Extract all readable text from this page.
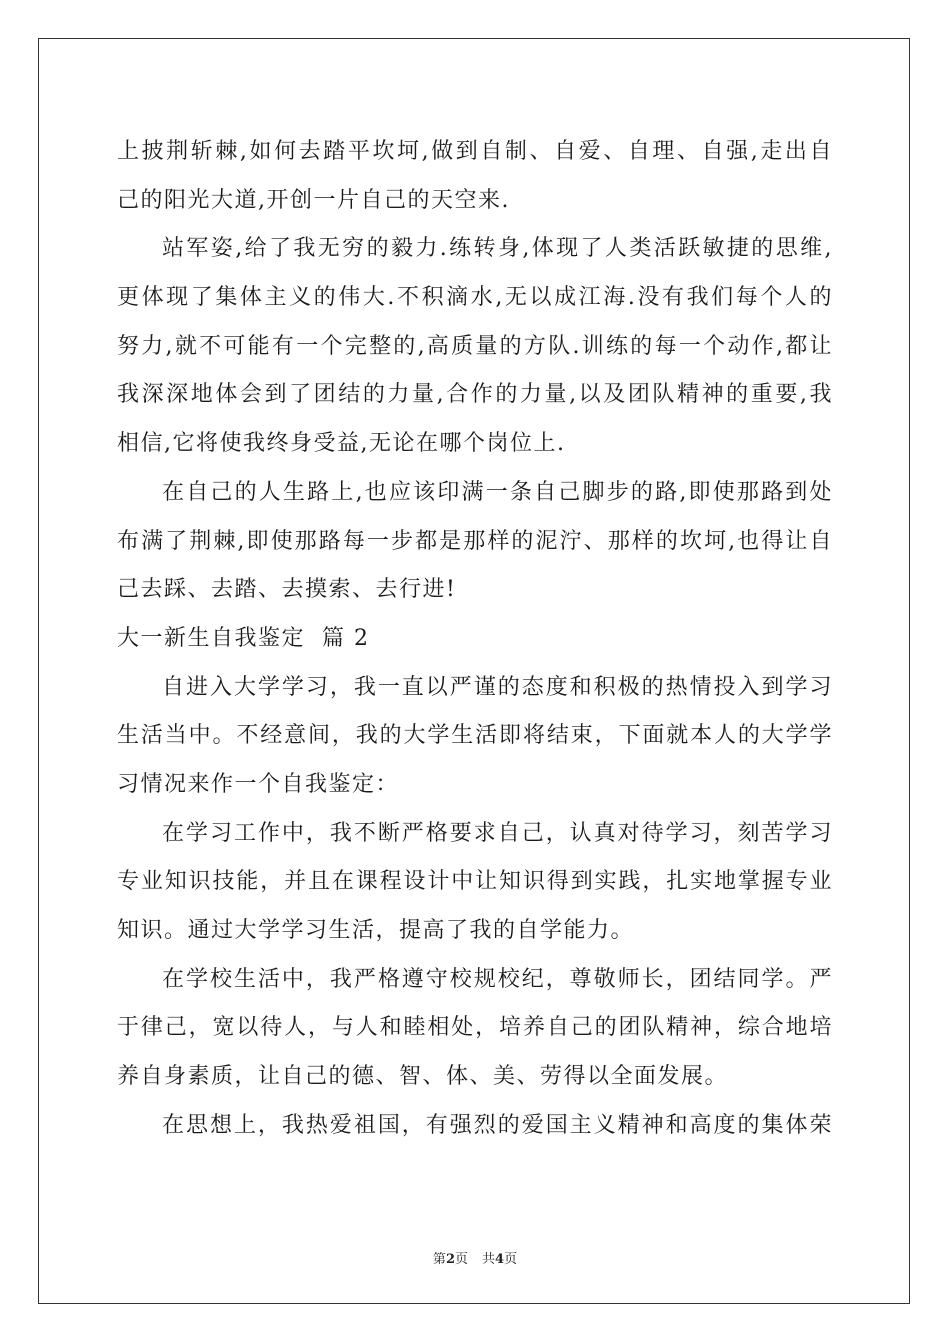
上披荆斩棘,如何去踏平坎坷,做到自制、自爱、自理、自强,走出自
己的阳光大道,开创一片自己的天空来.
站军姿,给了我无穷的毅力.练转身,体现了人类活跃敏捷的思维,
更体现了集体主义的伟大.不积滴水,无以成江海.没有我们每个人的
努力,就不可能有一个完整的,高质量的方队.训练的每一个动作,都让
我深深地体会到了团结的力量,合作的力量,以及团队精神的重要,我
相信,它将使我终身受益,无论在哪个岗位上.
在自己的人生路上,也应该印满一条自己脚步的路,即使那路到处
布满了荆棘,即使那路每一步都是那样的泥泞、那样的坎坷,也得让自
己去踩、去踏、去摸索、去行进!
大一新生自我鉴定  篇 2
自进入大学学习，我一直以严谨的态度和积极的热情投入到学习
生活当中。不经意间，我的大学生活即将结束，下面就本人的大学学
习情况来作一个自我鉴定：
在学习工作中，我不断严格要求自己，认真对待学习，刻苦学习
专业知识技能，并且在课程设计中让知识得到实践，扎实地掌握专业
知识。通过大学学习生活，提高了我的自学能力。
在学校生活中，我严格遵守校规校纪，尊敬师长，团结同学。严
于律己，宽以待人，与人和睦相处，培养自己的团队精神，综合地培
养自身素质，让自己的德、智、体、美、劳得以全面发展。
在思想上，我热爱祖国，有强烈的爱国主义精神和高度的集体荣
第2页 共4页
